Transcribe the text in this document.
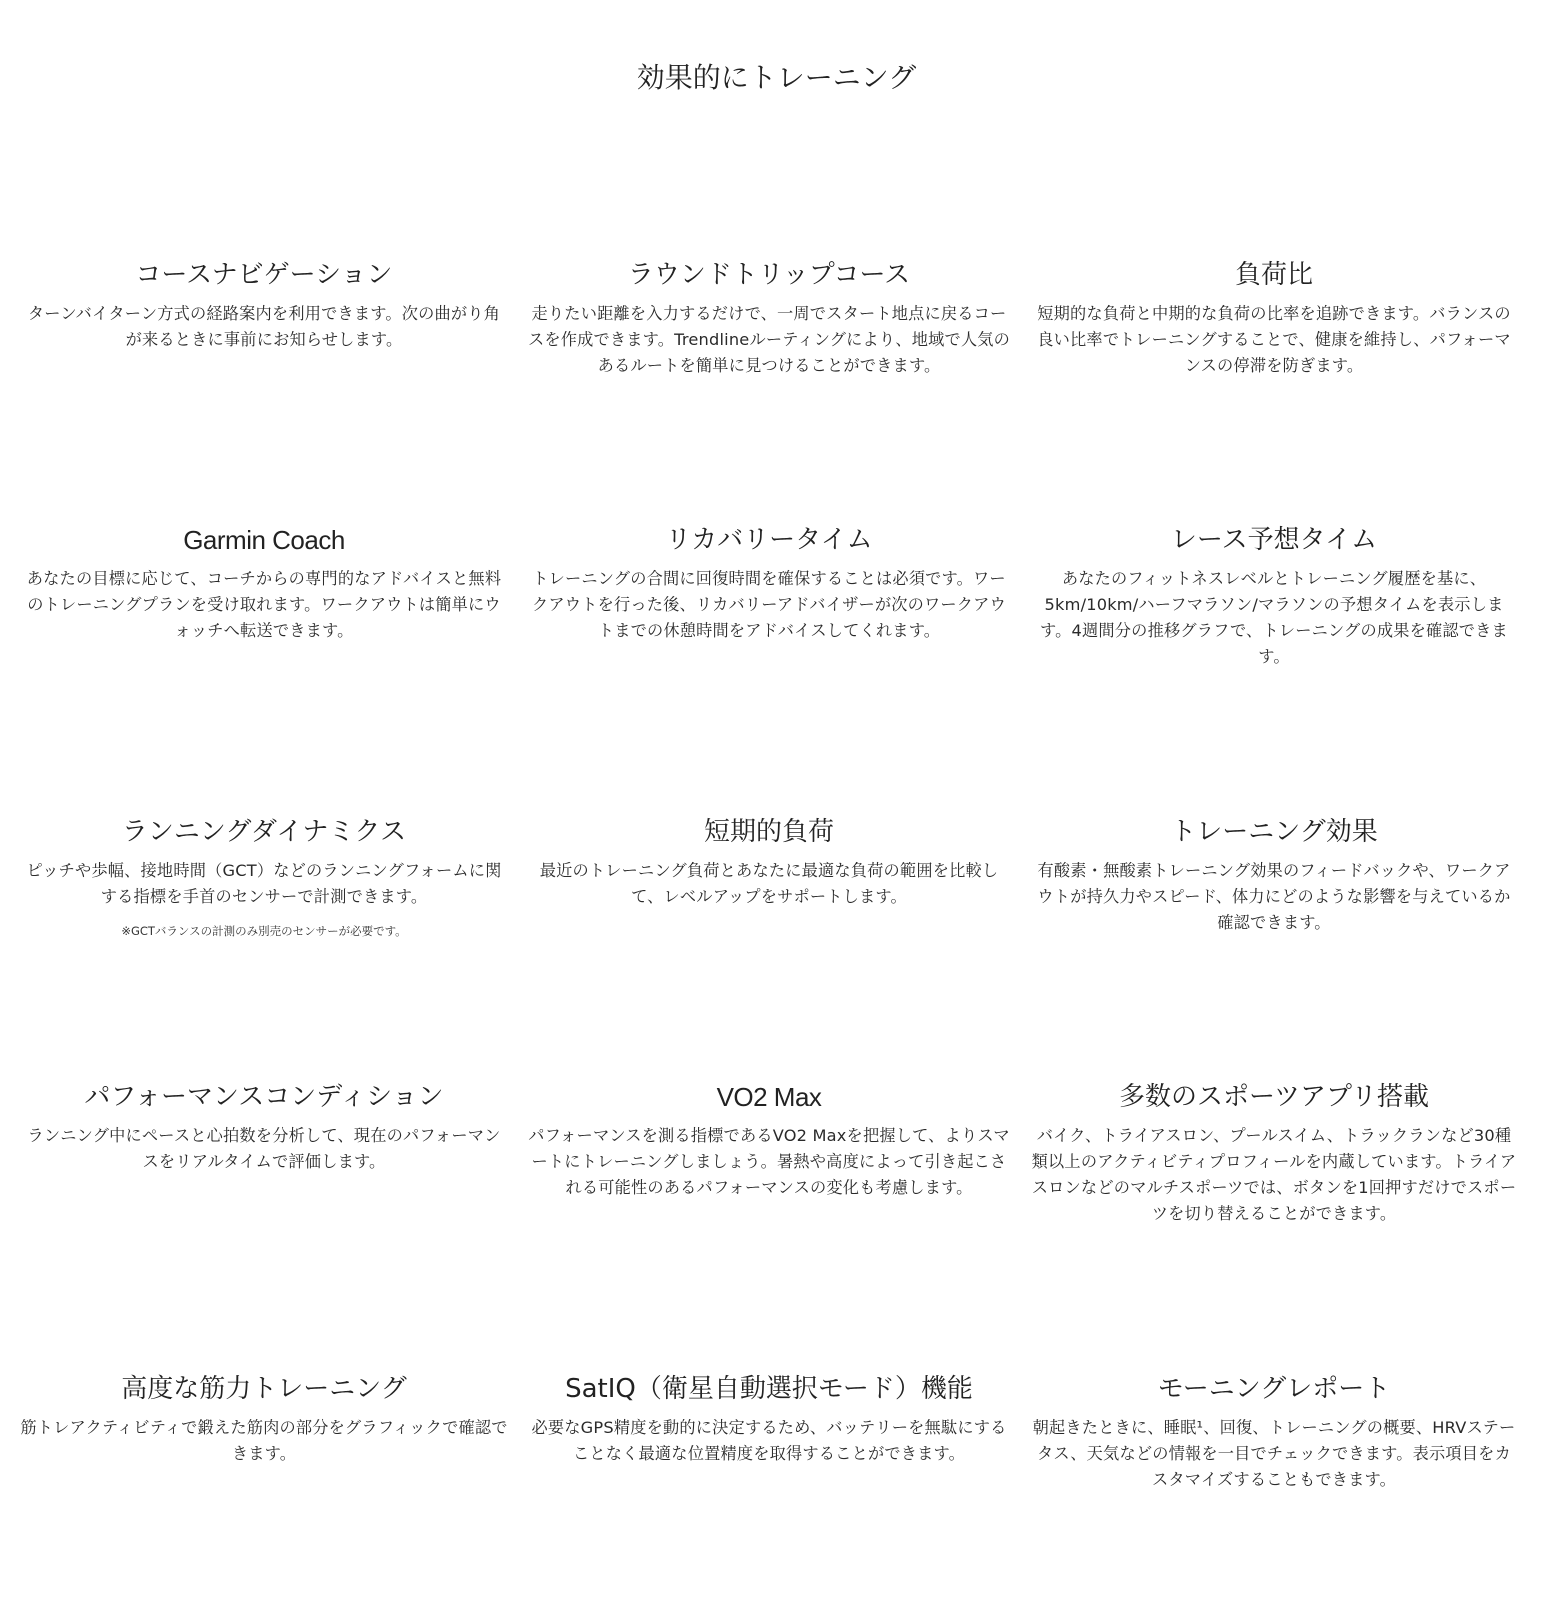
効果的にトレーニング
コースナビゲーション

ターンバイターン方式の経路案内を利用できます。次の曲がり角が来るときに事前にお知らせします。

ラウンドトリップコース

走りたい距離を入力するだけで、一周でスタート地点に戻るコースを作成できます。Trendlineルーティングにより、地域で人気のあるルートを簡単に見つけることができます。

負荷比

短期的な負荷と中期的な負荷の比率を追跡できます。バランスの良い比率でトレーニングすることで、健康を維持し、パフォーマンスの停滞を防ぎます。

Garmin Coach

あなたの目標に応じて、コーチからの専門的なアドバイスと無料のトレーニングプランを受け取れます。ワークアウトは簡単にウォッチへ転送できます。

リカバリータイム

トレーニングの合間に回復時間を確保することは必須です。ワークアウトを行った後、リカバリーアドバイザーが次のワークアウトまでの休憩時間をアドバイスしてくれます。

レース予想タイム

あなたのフィットネスレベルとトレーニング履歴を基に、5km/10km/ハーフマラソン/マラソンの予想タイムを表示します。4週間分の推移グラフで、トレーニングの成果を確認できます。

ランニングダイナミクス

ピッチや歩幅、接地時間（GCT）などのランニングフォームに関する指標を手首のセンサーで計測できます。

※GCTバランスの計測のみ別売のセンサーが必要です。

短期的負荷

最近のトレーニング負荷とあなたに最適な負荷の範囲を比較して、レベルアップをサポートします。

トレーニング効果

有酸素・無酸素トレーニング効果のフィードバックや、ワークアウトが持久力やスピード、体力にどのような影響を与えているか確認できます。

パフォーマンスコンディション

ランニング中にペースと心拍数を分析して、現在のパフォーマンスをリアルタイムで評価します。

VO2 Max

パフォーマンスを測る指標であるVO2 Maxを把握して、よりスマートにトレーニングしましょう。暑熱や高度によって引き起こされる可能性のあるパフォーマンスの変化も考慮します。

多数のスポーツアプリ搭載

バイク、トライアスロン、プールスイム、トラックランなど30種類以上のアクティビティプロフィールを内蔵しています。トライアスロンなどのマルチスポーツでは、ボタンを1回押すだけでスポーツを切り替えることができます。

高度な筋力トレーニング

筋トレアクティビティで鍛えた筋肉の部分をグラフィックで確認できます。

SatIQ（衛星自動選択モード）機能

必要なGPS精度を動的に決定するため、バッテリーを無駄にすることなく最適な位置精度を取得することができます。

モーニングレポート

朝起きたときに、睡眠¹、回復、トレーニングの概要、HRVステータス、天気などの情報を一目でチェックできます。表示項目をカスタマイズすることもできます。
